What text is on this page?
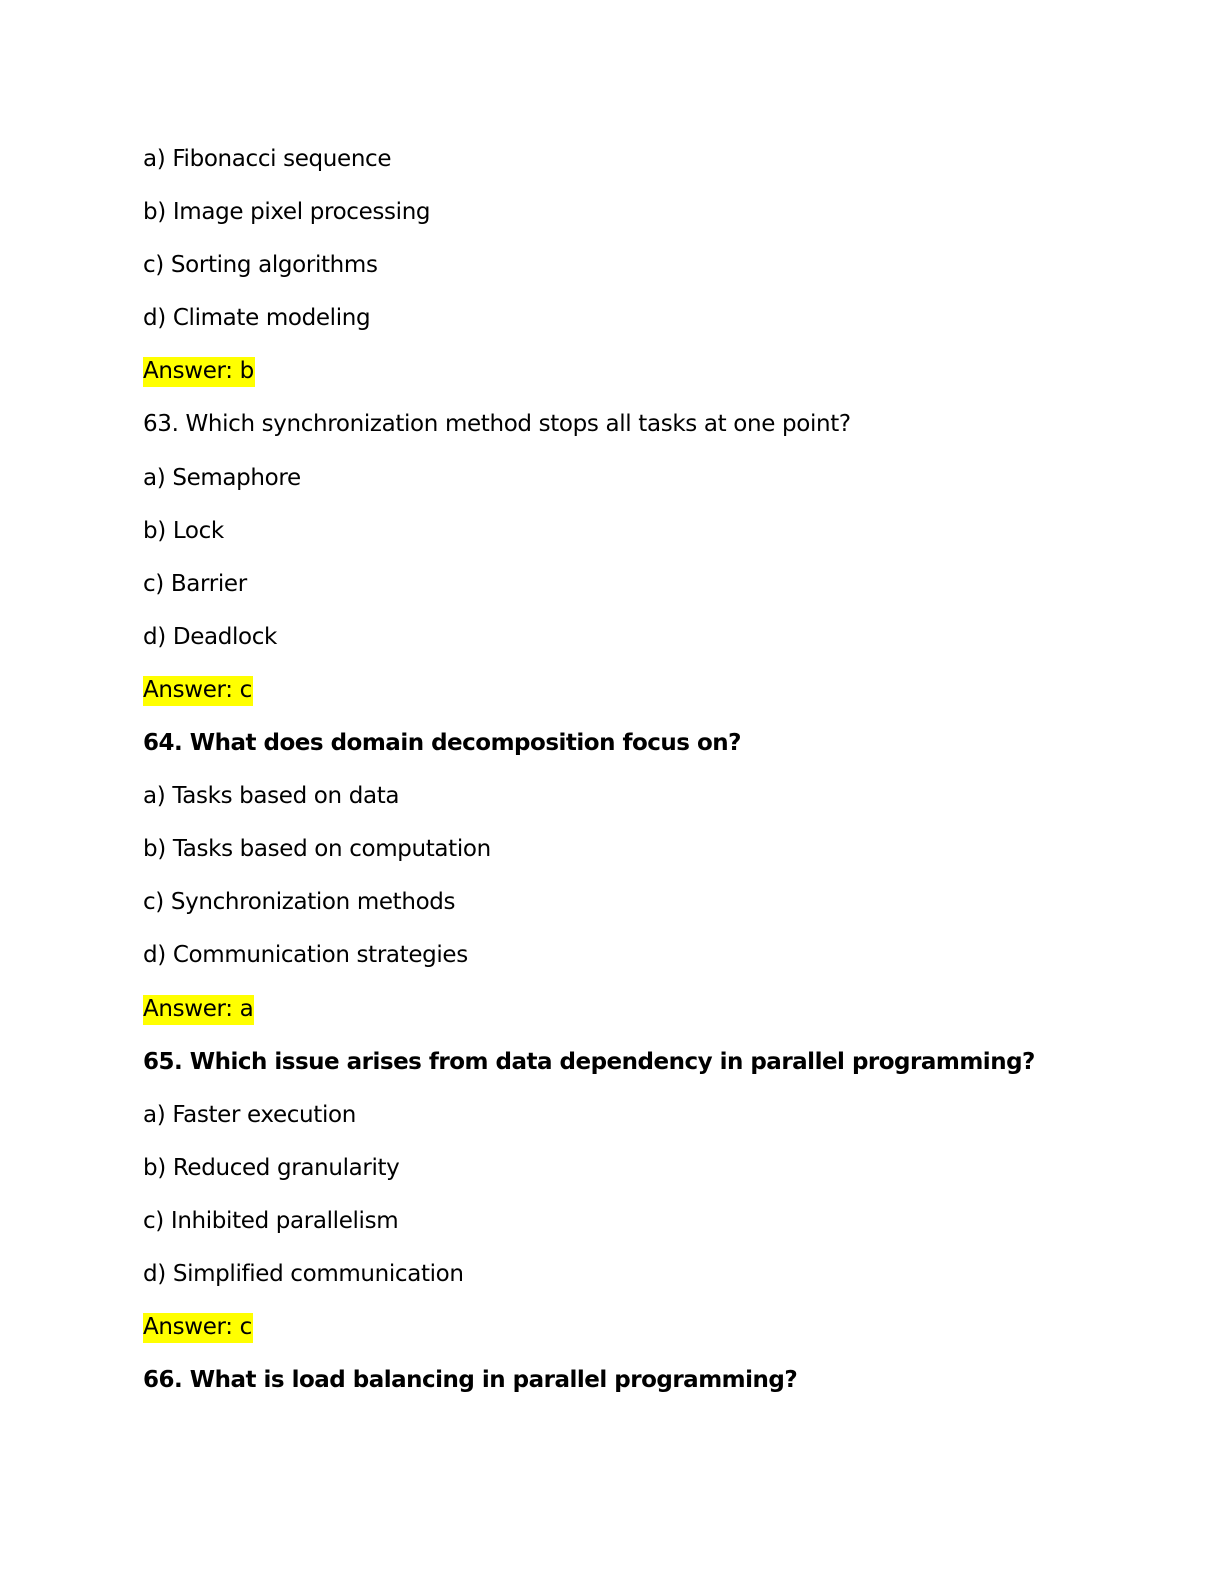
a) Fibonacci sequence
b) Image pixel processing
c) Sorting algorithms
d) Climate modeling
Answer: b
63. Which synchronization method stops all tasks at one point?
a) Semaphore
b) Lock
c) Barrier
d) Deadlock
Answer: c
64. What does domain decomposition focus on?
a) Tasks based on data
b) Tasks based on computation
c) Synchronization methods
d) Communication strategies
Answer: a
65. Which issue arises from data dependency in parallel programming?
a) Faster execution
b) Reduced granularity
c) Inhibited parallelism
d) Simplified communication
Answer: c
66. What is load balancing in parallel programming?
